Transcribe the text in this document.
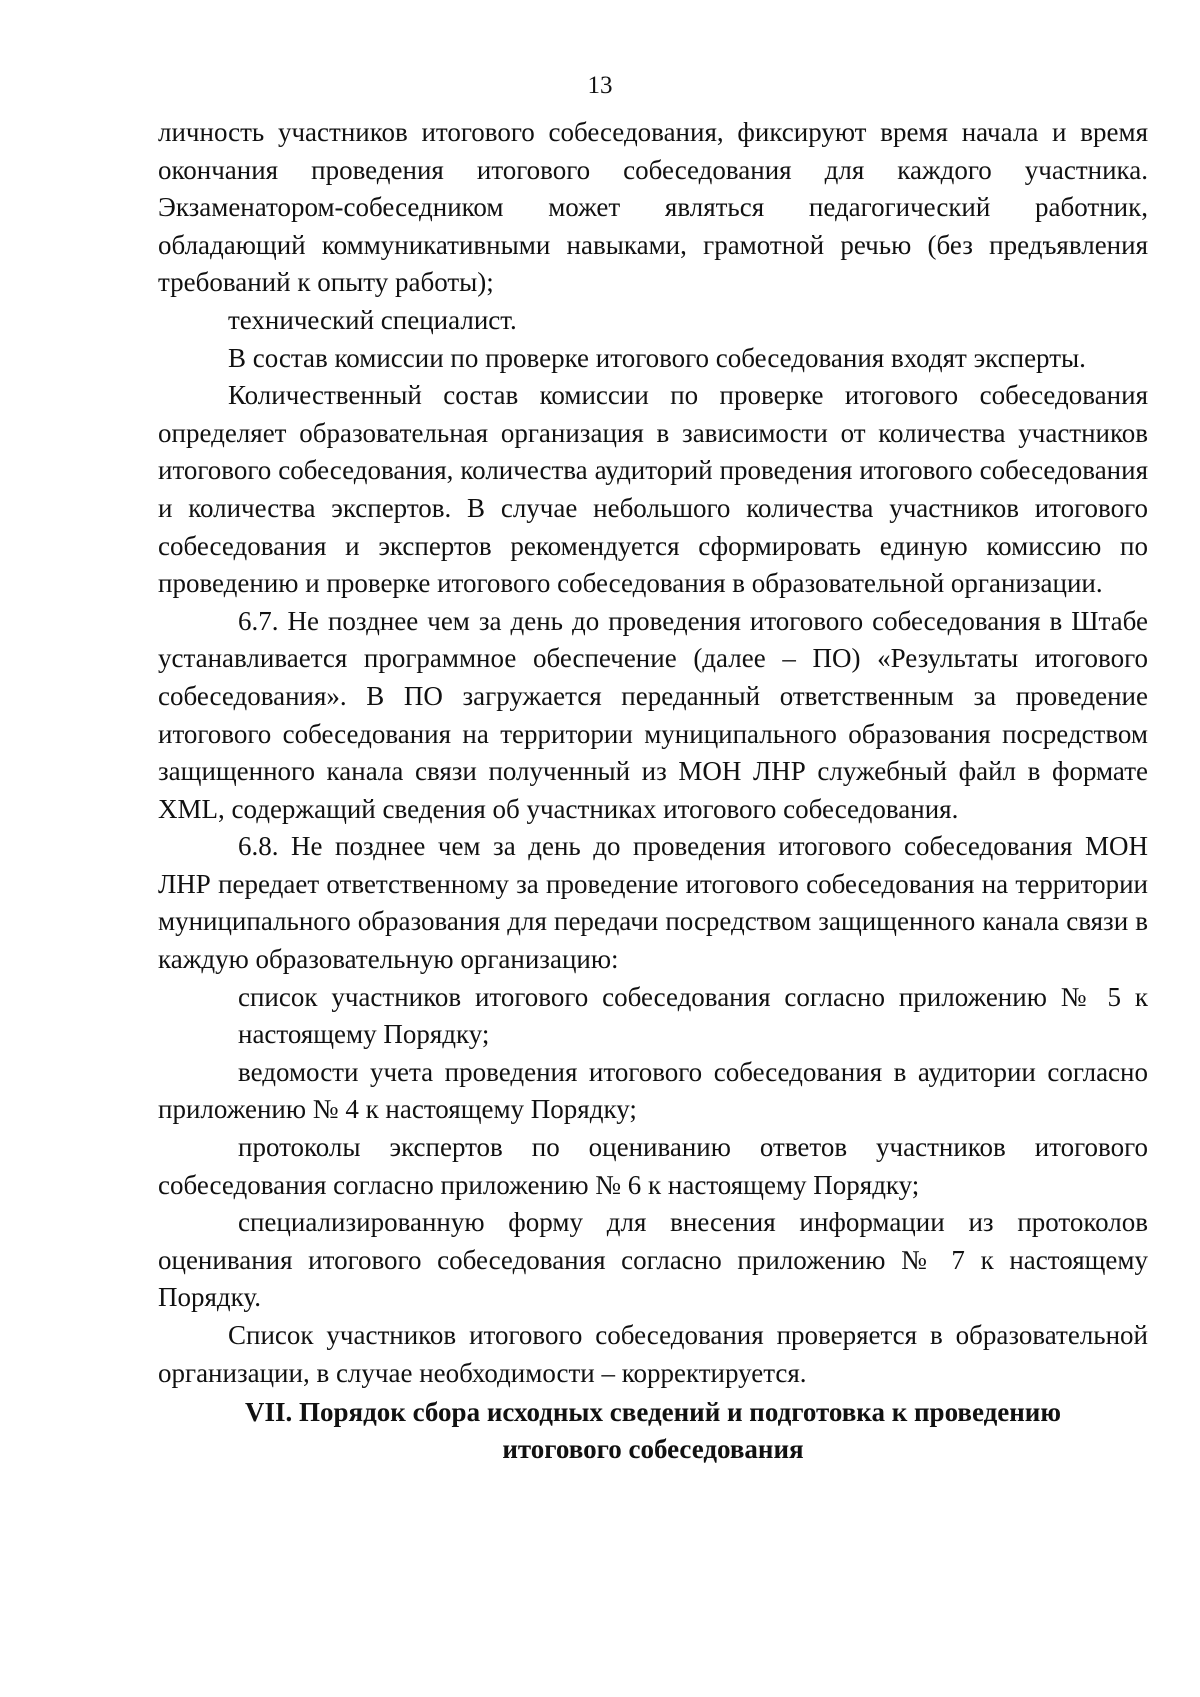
13

личность участников итогового собеседования, фиксируют время начала и время окончания проведения итогового собеседования для каждого участника. Экзаменатором-собеседником может являться педагогический работник, обладающий коммуникативными навыками, грамотной речью (без предъявления требований к опыту работы);

технический специалист.

В состав комиссии по проверке итогового собеседования входят эксперты.

Количественный состав комиссии по проверке итогового собеседования определяет образовательная организация в зависимости от количества участников итогового собеседования, количества аудиторий проведения итогового собеседования и количества экспертов. В случае небольшого количества участников итогового собеседования и экспертов рекомендуется сформировать единую комиссию по проведению и проверке итогового собеседования в образовательной организации.

6.7. Не позднее чем за день до проведения итогового собеседования в Штабе устанавливается программное обеспечение (далее – ПО) «Результаты итогового собеседования». В ПО загружается переданный ответственным за проведение итогового собеседования на территории муниципального образования посредством защищенного канала связи полученный из МОН ЛНР служебный файл в формате XML, содержащий сведения об участниках итогового собеседования.

6.8. Не позднее чем за день до проведения итогового собеседования МОН ЛНР передает ответственному за проведение итогового собеседования на территории муниципального образования для передачи посредством защищенного канала связи в каждую образовательную организацию:

список участников итогового собеседования согласно приложению № 5 к настоящему Порядку;

ведомости учета проведения итогового собеседования в аудитории согласно приложению № 4 к настоящему Порядку;

протоколы экспертов по оцениванию ответов участников итогового собеседования согласно приложению № 6 к настоящему Порядку;

специализированную форму для внесения информации из протоколов оценивания итогового собеседования согласно приложению № 7 к настоящему Порядку.

Список участников итогового собеседования проверяется в образовательной организации, в случае необходимости – корректируется.

VII. Порядок сбора исходных сведений и подготовка к проведению
итогового собеседования
